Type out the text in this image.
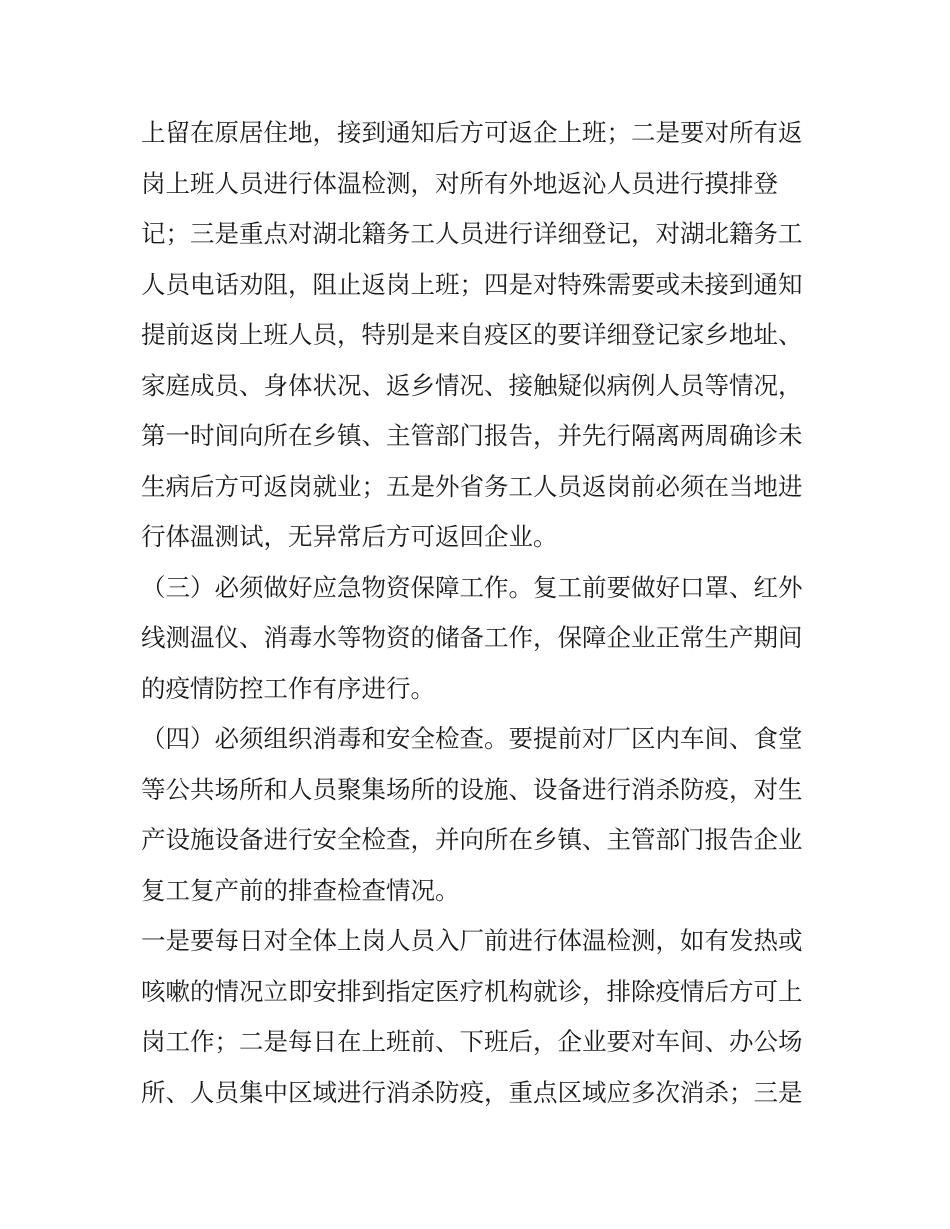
上留在原居住地，接到通知后方可返企上班；二是要对所有返
岗上班人员进行体温检测，对所有外地返沁人员进行摸排登
记；三是重点对湖北籍务工人员进行详细登记，对湖北籍务工
人员电话劝阻，阻止返岗上班；四是对特殊需要或未接到通知
提前返岗上班人员，特别是来自疫区的要详细登记家乡地址、
家庭成员、身体状况、返乡情况、接触疑似病例人员等情况，
第一时间向所在乡镇、主管部门报告，并先行隔离两周确诊未
生病后方可返岗就业；五是外省务工人员返岗前必须在当地进
行体温测试，无异常后方可返回企业。
（三）必须做好应急物资保障工作。复工前要做好口罩、红外
线测温仪、消毒水等物资的储备工作，保障企业正常生产期间
的疫情防控工作有序进行。
（四）必须组织消毒和安全检查。要提前对厂区内车间、食堂
等公共场所和人员聚集场所的设施、设备进行消杀防疫，对生
产设施设备进行安全检查，并向所在乡镇、主管部门报告企业
复工复产前的排查检查情况。
一是要每日对全体上岗人员入厂前进行体温检测，如有发热或
咳嗽的情况立即安排到指定医疗机构就诊，排除疫情后方可上
岗工作；二是每日在上班前、下班后，企业要对车间、办公场
所、人员集中区域进行消杀防疫，重点区域应多次消杀；三是
